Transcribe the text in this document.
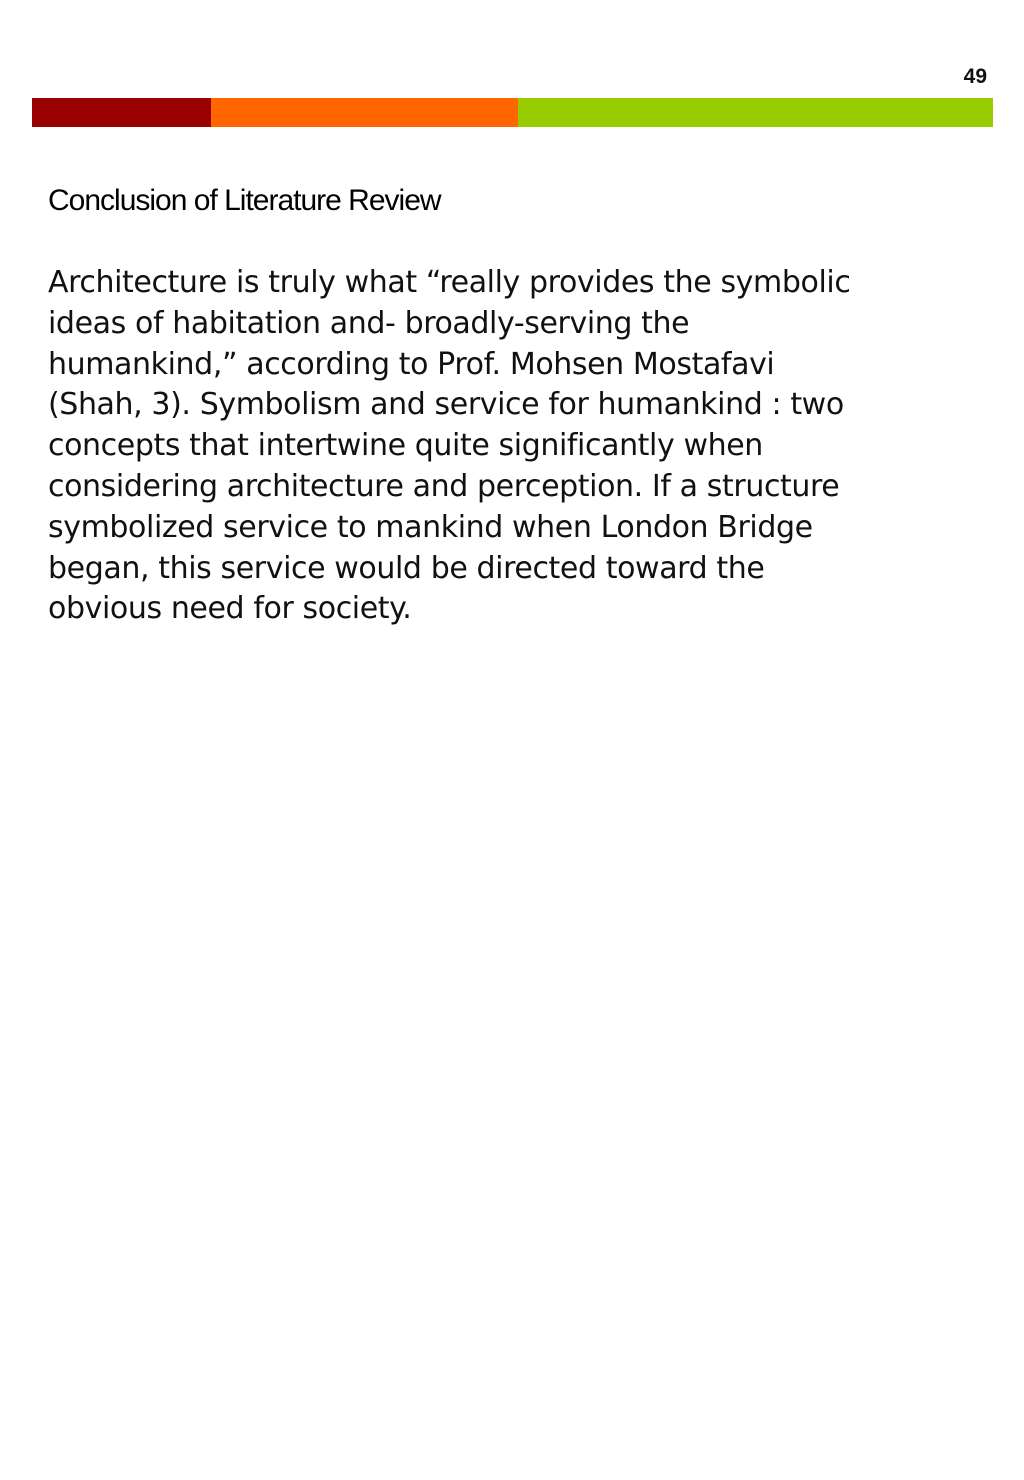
49
Conclusion of Literature Review

Architecture is truly what “really provides the symbolic
ideas of habitation and- broadly-serving the
humankind,” according to Prof. Mohsen Mostafavi
(Shah, 3). Symbolism and service for humankind : two
concepts that intertwine quite significantly when
considering architecture and perception. If a structure
symbolized service to mankind when London Bridge
began, this service would be directed toward the
obvious need for society.
